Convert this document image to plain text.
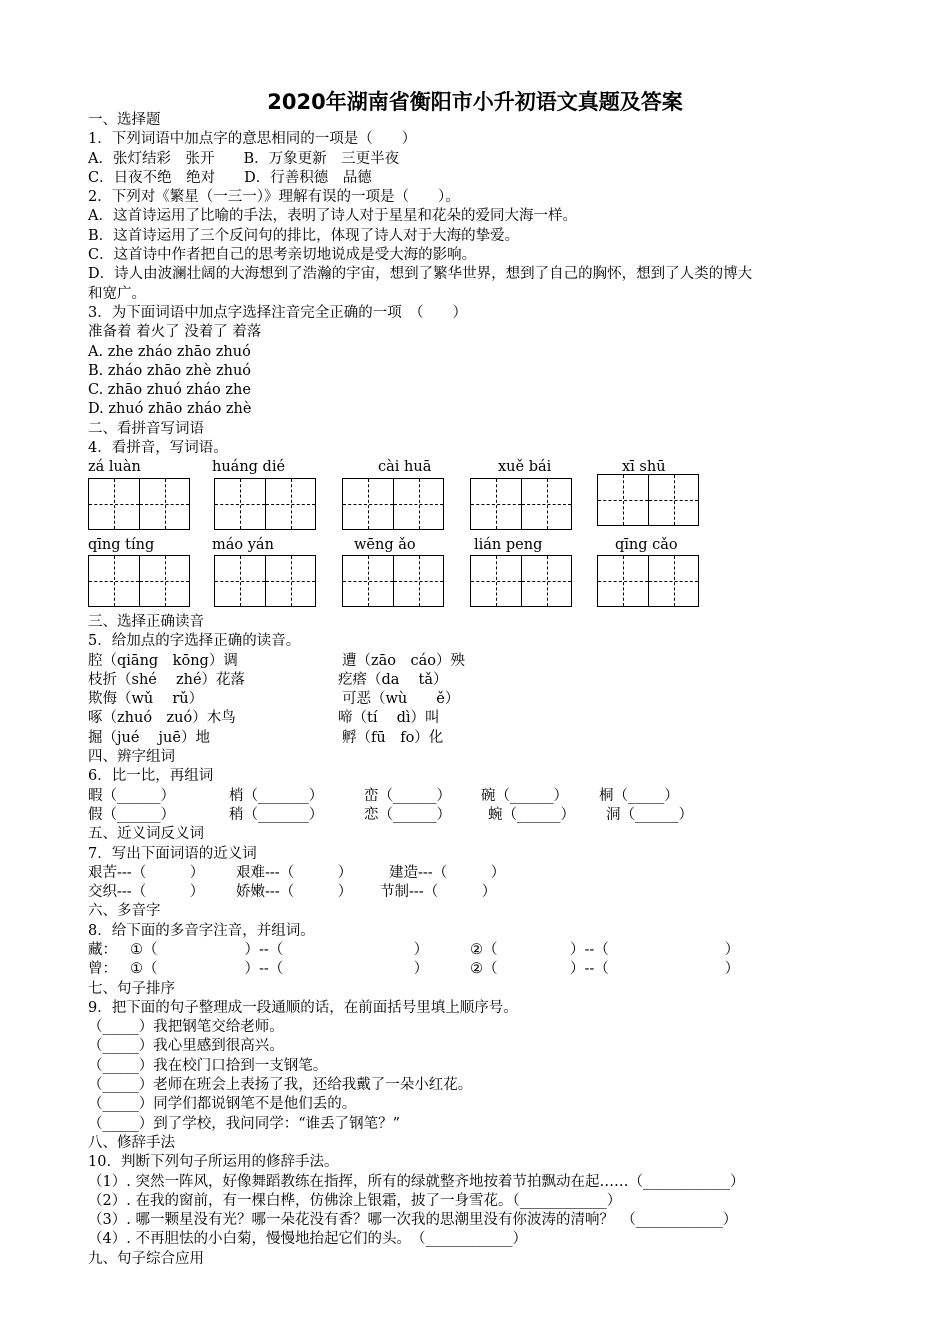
2020年湖南省衡阳市小升初语文真题及答案
一、选择题
1．下列词语中加点字的意思相同的一项是（　　）
A．张灯结彩　张开　　B．万象更新　三更半夜
C．日夜不绝　绝对　　D．行善积德　品德
2．下列对《繁星（一三一）》理解有误的一项是（　　）。
A．这首诗运用了比喻的手法，表明了诗人对于星星和花朵的爱同大海一样。
B．这首诗运用了三个反问句的排比，体现了诗人对于大海的挚爱。
C．这首诗中作者把自己的思考亲切地说成是受大海的影响。
D．诗人由波澜壮阔的大海想到了浩瀚的宇宙，想到了繁华世界，想到了自己的胸怀，想到了人类的博大
和宽广。
3．为下面词语中加点字选择注音完全正确的一项　（　　）
准备着 着火了 没着了 着落
A. zhe zháo zhāo zhuó
B. zháo zhāo zhè zhuó
C. zhāo zhuó zháo zhe
D. zhuó zhāo zháo zhè
二、看拼音写词语
4．看拼音，写词语。
zá luàn	huáng dié	cài huā	xuě bái	xī shū
qīng tíng	máo yán	wēng ǎo	lián peng	qīng cǎo
三、选择正确读音
5．给加点的字选择正确的读音。
腔（qiāng　kōng）调	遭（zāo　cáo）殃
枝折（shé　 zhé）花落	疙瘩（da　 tǎ）
欺侮（wǔ　 rǔ）	可恶（wù　　ě）
啄（zhuó　zuó）木鸟	啼（tí　 dì）叫
掘（jué　 juē）地	孵（fū　fo）化
四、辨字组词
6．比一比，再组词
暇（______）	梢（_______）	峦（______） 碗（______） 桐（_____）
假（______）	稍（_______）	恋（______）	蜿（______） 洞（______）
五、近义词反义词
7．写出下面词语的近义词
艰苦---（　　　） 艰难---（　　　）	建造---（　　　）
交织---（　　　） 娇嫩---（　　　） 节制---（　　　）
六、多音字
8．给下面的多音字注音，并组词。
藏： ①（　　　　　　）--（　　　　　　　　　）	②（　　　　　）--（　　　　　　　　）
曾： ①（　　　　　　）--（　　　　　　　　　）	②（　　　　　）--（　　　　　　　　）
七、句子排序
9．把下面的句子整理成一段通顺的话，在前面括号里填上顺序号。
（_____）我把钢笔交给老师。
（_____）我心里感到很高兴。
（_____）我在校门口拾到一支钢笔。
（_____）老师在班会上表扬了我，还给我戴了一朵小红花。
（_____）同学们都说钢笔不是他们丢的。
（_____）到了学校，我问同学：“谁丢了钢笔？”
八、修辞手法
10．判断下列句子所运用的修辞手法。
（1）. 突然一阵风，好像舞蹈教练在指挥，所有的绿就整齐地按着节拍飘动在起……（____________）
（2）. 在我的窗前，有一棵白桦，仿佛涂上银霜，披了一身雪花。（____________）
（3）. 哪一颗星没有光？哪一朵花没有香？哪一次我的思潮里没有你波涛的清响？　（____________）
（4）. 不再胆怯的小白菊，慢慢地抬起它们的头。　（____________）
九、句子综合应用
